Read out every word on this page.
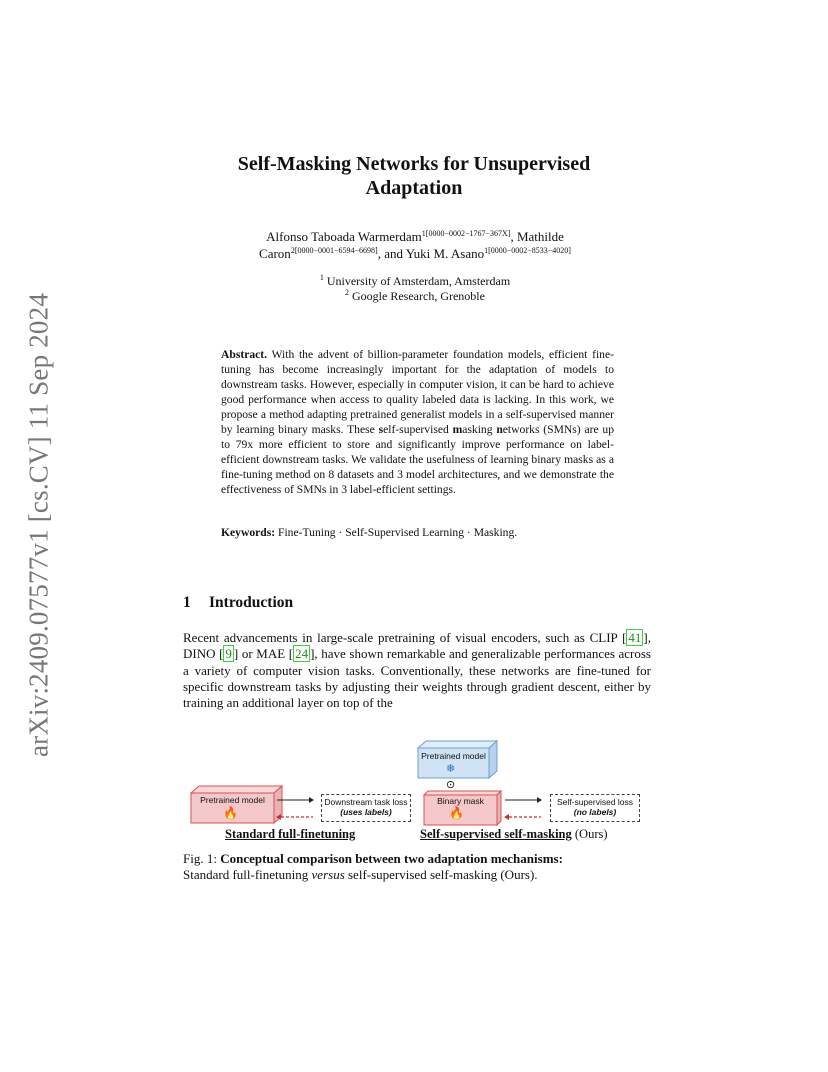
arXiv:2409.07577v1 [cs.CV] 11 Sep 2024
Self-Masking Networks for Unsupervised
Adaptation
Alfonso Taboada Warmerdam$^{1[0000-0002-1767-367X]}$, Mathilde
Caron$^{2[0000-0001-6594-6698]}$, and Yuki M. Asano$^{1[0000-0002-8533-4020]}$
$^1$ University of Amsterdam, Amsterdam
$^2$ Google Research, Grenoble
Abstract. With the advent of billion-parameter foundation models, efficient fine-tuning has become increasingly important for the adaptation of models to downstream tasks. However, especially in computer vision, it can be hard to achieve good performance when access to quality labeled data is lacking. In this work, we propose a method adapting pretrained generalist models in a self-supervised manner by learning binary masks. These self-supervised masking networks (SMNs) are up to 79x more efficient to store and significantly improve performance on label-efficient downstream tasks. We validate the usefulness of learning binary masks as a fine-tuning method on 8 datasets and 3 model architectures, and we demonstrate the effectiveness of SMNs in 3 label-efficient settings.
Keywords: Fine-Tuning · Self-Supervised Learning · Masking.
1 Introduction
Recent advancements in large-scale pretraining of visual encoders, such as CLIP [ 41 ], DINO [ 9 ] or MAE [ 24 ], have shown remarkable and generalizable performances across a variety of computer vision tasks. Conventionally, these networks are fine-tuned for specific downstream tasks by adjusting their weights through gradient descent, either by training an additional layer on top of the
Pretrained model
🔥
Downstream task loss
(uses labels)
Pretrained model
❄
⊙
Binary mask
🔥
Self-supervised loss
(no labels)
Standard full-finetuning	Self-supervised self-masking (Ours)
Fig. 1: Conceptual comparison between two adaptation mechanisms:
Standard full-finetuning versus self-supervised self-masking (Ours).
